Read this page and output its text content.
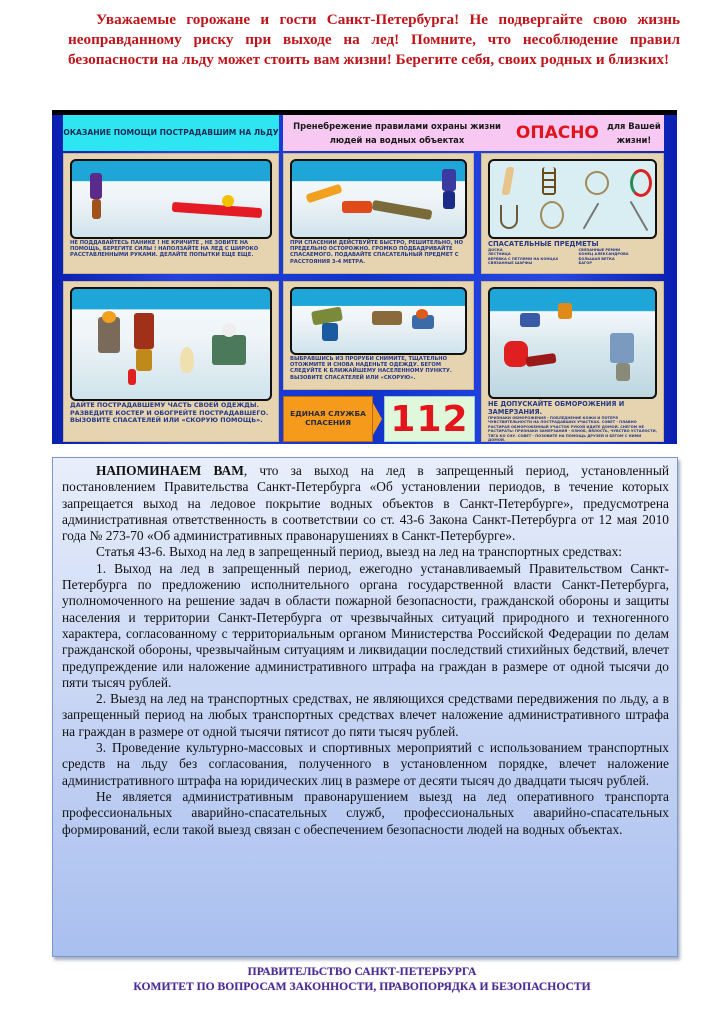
Уважаемые горожане и гости Санкт-Петербурга! Не подвергайте свою жизнь неоправданному риску при выходе на лед! Помните, что несоблюдение правил безопасности на льду может стоить вам жизни! Берегите себя, своих родных и близких!
ОКАЗАНИЕ ПОМОЩИ ПОСТРАДАВШИМ НА ЛЬДУ
Пренебрежение правилами охраны жизни людей на водных объектах
	ОПАСНО
для Вашей жизни!
НЕ ПОДДАВАЙТЕСЬ ПАНИКЕ ! НЕ КРИЧИТЕ , НЕ ЗОВИТЕ НА ПОМОЩЬ, БЕРЕГИТЕ СИЛЫ ! НАПОЛЗАЙТЕ НА ЛЕД С ШИРОКО РАССТАВЛЕННЫМИ РУКАМИ. ДЕЛАЙТЕ ПОПЫТКИ ЕЩЕ ЕЩЕ.
ПРИ СПАСЕНИИ ДЕЙСТВУЙТЕ БЫСТРО, РЕШИТЕЛЬНО, НО ПРЕДЕЛЬНО ОСТОРОЖНО. ГРОМКО ПОДБАДРИВАЙТЕ СПАСАЕМОГО. ПОДАВАЙТЕ СПАСАТЕЛЬНЫЙ ПРЕДМЕТ С РАССТОЯНИЯ 3-4 МЕТРА.
СПАСАТЕЛЬНЫЕ ПРЕДМЕТЫ
ДОСКА
ЛЕСТНИЦА
ВЕРЕВКА С ПЕТЛЯМИ НА КОНЦАХ
СВЯЗАННЫЕ ШАРФЫ
СВЯЗАННЫЕ РЕМНИ
КОНЕЦ АЛЕКСАНДРОВА
БОЛЬШАЯ ВЕТКА
БАГОР
ДАЙТЕ ПОСТРАДАВШЕМУ ЧАСТЬ СВОЕЙ ОДЕЖДЫ. РАЗВЕДИТЕ КОСТЕР И ОБОГРЕЙТЕ ПОСТРАДАВШЕГО. ВЫЗОВИТЕ СПАСАТЕЛЕЙ ИЛИ «СКОРУЮ ПОМОЩЬ».
ВЫБРАВШИСЬ ИЗ ПРОРУБИ СНИМИТЕ, ТЩАТЕЛЬНО ОТОЖМИТЕ И СНОВА НАДЕНЬТЕ ОДЕЖДУ. БЕГОМ СЛЕДУЙТЕ К БЛИЖАЙШЕМУ НАСЕЛЕННОМУ ПУНКТУ. ВЫЗОВИТЕ СПАСАТЕЛЕЙ ИЛИ «СКОРУЮ».
ЕДИНАЯ СЛУЖБА СПАСЕНИЯ	112	НЕ ДОПУСКАЙТЕ ОБМОРОЖЕНИЯ И ЗАМЕРЗАНИЯ.
ПРИЗНАКИ ОБМОРОЖЕНИЯ - ПОБЛЕДНЕНИЕ КОЖИ И ПОТЕРЯ ЧУВСТВИТЕЛЬНОСТИ НА ПОСТРАДАВШИХ УЧАСТКАХ. СОВЕТ - ПЛАВНО РАСТИРАЯ ОБМОРОЖЕННЫЙ УЧАСТОК РУКОЙ ИДИТЕ ДОМОЙ. СНЕГОМ НЕ РАСТИРАТЬ! ПРИЗНАКИ ЗАМЕРЗАНИЯ - ОЗНОБ, ВЯЛОСТЬ, ЧУВСТВО УСТАЛОСТИ, ТЯГА КО СНУ. СОВЕТ - ПОЗОВИТЕ НА ПОМОЩЬ ДРУЗЕЙ И БЕГОМ С НИМИ ДОМОЙ.

НАПОМИНАЕМ ВАМ, что за выход на лед в запрещенный период, установленный постановлением Правительства Санкт-Петербурга «Об установлении периодов, в течение которых запрещается выход на ледовое покрытие водных объектов в Санкт-Петербурге», предусмотрена административная ответственность в соответствии со ст. 43-6 Закона Санкт-Петербурга от 12 мая 2010 года № 273-70 «Об административных правонарушениях в Санкт-Петербурге».

Статья 43-6. Выход на лед в запрещенный период, выезд на лед на транспортных средствах:

1. Выход на лед в запрещенный период, ежегодно устанавливаемый Правительством Санкт-Петербурга по предложению исполнительного органа государственной власти Санкт-Петербурга, уполномоченного на решение задач в области пожарной безопасности, гражданской обороны и защиты населения и территории Санкт-Петербурга от чрезвычайных ситуаций природного и техногенного характера, согласованному с территориальным органом Министерства Российской Федерации по делам гражданской обороны, чрезвычайным ситуациям и ликвидации последствий стихийных бедствий, влечет предупреждение или наложение административного штрафа на граждан в размере от одной тысячи до пяти тысяч рублей.

2. Выезд на лед на транспортных средствах, не являющихся средствами передвижения по льду, а в запрещенный период на любых транспортных средствах влечет наложение административного штрафа на граждан в размере от одной тысячи пятисот до пяти тысяч рублей.

3. Проведение культурно-массовых и спортивных мероприятий с использованием транспортных средств на льду без согласования, полученного в установленном порядке, влечет наложение административного штрафа на юридических лиц в размере от десяти тысяч до двадцати тысяч рублей.

Не является административным правонарушением выезд на лед оперативного транспорта профессиональных аварийно-спасательных служб, профессиональных аварийно-спасательных формирований, если такой выезд связан с обеспечением безопасности людей на водных объектах.

ПРАВИТЕЛЬСТВО САНКТ-ПЕТЕРБУРГА
КОМИТЕТ ПО ВОПРОСАМ ЗАКОННОСТИ, ПРАВОПОРЯДКА И БЕЗОПАСНОСТИ
